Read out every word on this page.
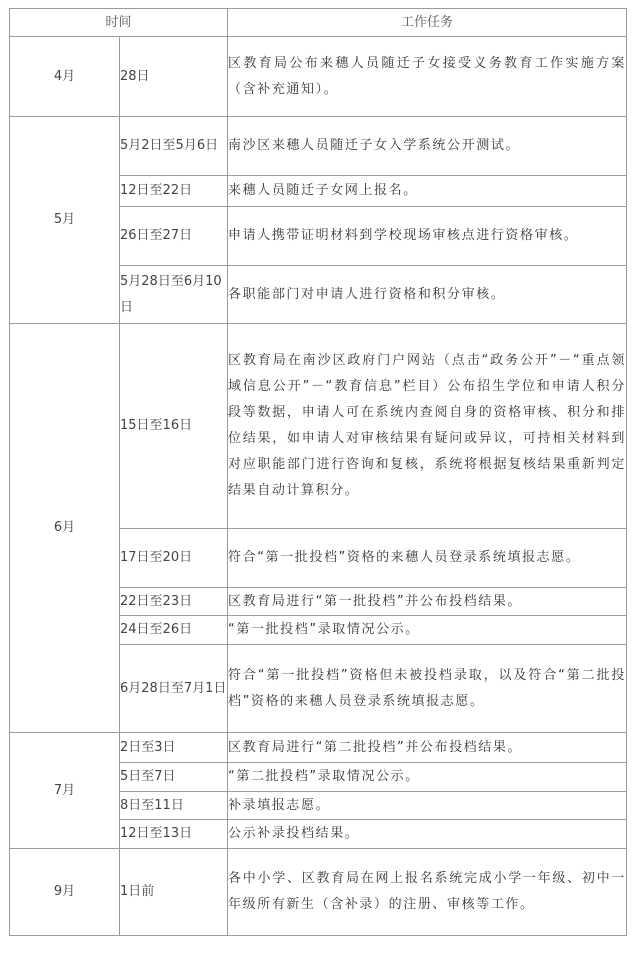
时间		工作任务
4月	28日	区教育局公布来穗人员随迁子女接受义务教育工作实施方案（含补充通知）。
5月	5月2日至5月6日	南沙区来穗人员随迁子女入学系统公开测试。
	12日至22日	来穗人员随迁子女网上报名。
	26日至27日	申请人携带证明材料到学校现场审核点进行资格审核。
	5月28日至6月10日	各职能部门对申请人进行资格和积分审核。
6月	15日至16日	区教育局在南沙区政府门户网站（点击“政务公开”－“重点领域信息公开”－“教育信息”栏目）公布招生学位和申请人积分段等数据，申请人可在系统内查阅自身的资格审核、积分和排位结果，如申请人对审核结果有疑问或异议，可持相关材料到对应职能部门进行咨询和复核，系统将根据复核结果重新判定结果自动计算积分。
	17日至20日	符合“第一批投档”资格的来穗人员登录系统填报志愿。
	22日至23日	区教育局进行“第一批投档”并公布投档结果。
	24日至26日	“第一批投档”录取情况公示。
	6月28日至7月1日	符合“第一批投档”资格但未被投档录取，以及符合“第二批投档”资格的来穗人员登录系统填报志愿。
7月	2日至3日	区教育局进行“第二批投档”并公布投档结果。
	5日至7日	“第二批投档”录取情况公示。
	8日至11日	补录填报志愿。
	12日至13日	公示补录投档结果。
9月	1日前	各中小学、区教育局在网上报名系统完成小学一年级、初中一年级所有新生（含补录）的注册、审核等工作。
